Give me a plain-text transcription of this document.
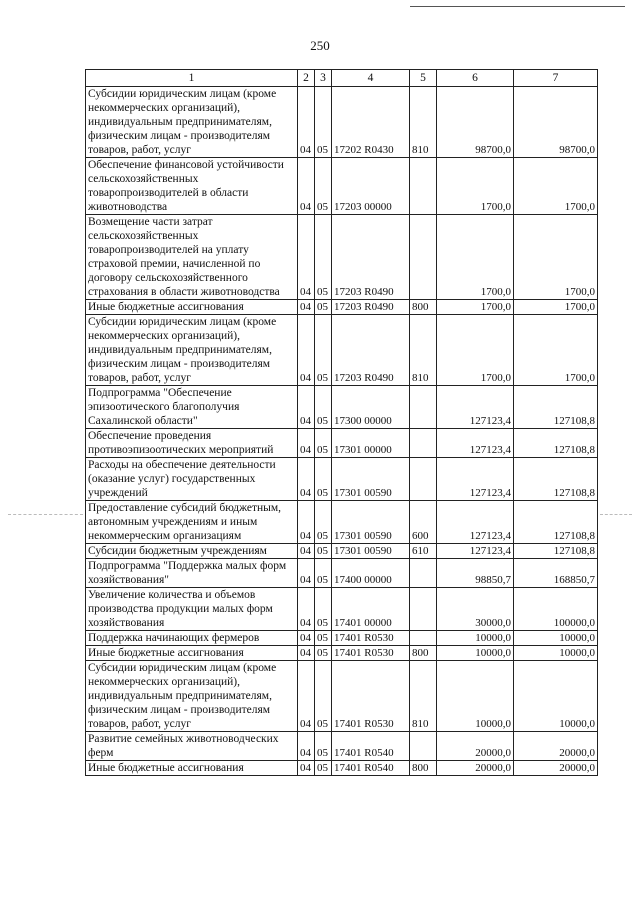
250
1	2	3	4	5	6	7
Субсидии юридическим лицам (кроме некоммерческих организаций), индивидуальным предпринимателям, физическим лицам - производителям товаров, работ, услуг	04	05	17202 R0430	810	98700,0	98700,0
Обеспечение финансовой устойчивости сельскохозяйственных товаропроизводителей в области животноводства	04	05	17203 00000		1700,0	1700,0
Возмещение части затрат сельскохозяйственных товаропроизводителей на уплату страховой премии, начисленной по договору сельскохозяйственного страхования в области животноводства	04	05	17203 R0490		1700,0	1700,0
Иные бюджетные ассигнования	04	05	17203 R0490	800	1700,0	1700,0
Субсидии юридическим лицам (кроме некоммерческих организаций), индивидуальным предпринимателям, физическим лицам - производителям товаров, работ, услуг	04	05	17203 R0490	810	1700,0	1700,0
Подпрограмма "Обеспечение эпизоотического благополучия Сахалинской области"	04	05	17300 00000		127123,4	127108,8
Обеспечение проведения противоэпизоотических мероприятий	04	05	17301 00000		127123,4	127108,8
Расходы на обеспечение деятельности (оказание услуг) государственных учреждений	04	05	17301 00590		127123,4	127108,8
Предоставление субсидий бюджетным, автономным учреждениям и иным некоммерческим организациям	04	05	17301 00590	600	127123,4	127108,8
Субсидии бюджетным учреждениям	04	05	17301 00590	610	127123,4	127108,8
Подпрограмма "Поддержка малых форм хозяйствования"	04	05	17400 00000		98850,7	168850,7
Увеличение количества и объемов производства продукции малых форм хозяйствования	04	05	17401 00000		30000,0	100000,0
Поддержка начинающих фермеров	04	05	17401 R0530		10000,0	10000,0
Иные бюджетные ассигнования	04	05	17401 R0530	800	10000,0	10000,0
Субсидии юридическим лицам (кроме некоммерческих организаций), индивидуальным предпринимателям, физическим лицам - производителям товаров, работ, услуг	04	05	17401 R0530	810	10000,0	10000,0
Развитие семейных животноводческих ферм	04	05	17401 R0540		20000,0	20000,0
Иные бюджетные ассигнования	04	05	17401 R0540	800	20000,0	20000,0
